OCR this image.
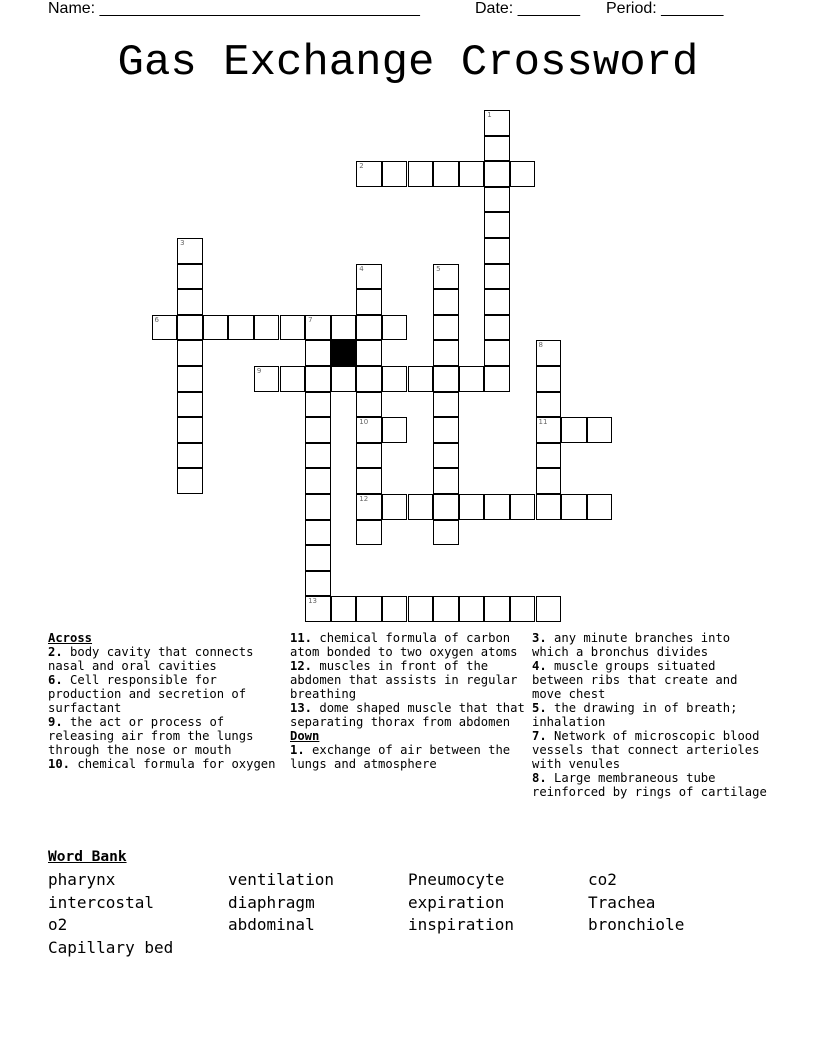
Name: ____________________________________	Date: _______ Period: _______
Gas Exchange Crossword
1
2
3
4
10
12
5
6	7
13
8
11
9
Across
2. body cavity that connects nasal and oral cavities
6. Cell responsible for production and secretion of surfactant
9. the act or process of releasing air from the lungs through the nose or mouth
10. chemical formula for oxygen
11. chemical formula of carbon atom bonded to two oxygen atoms
12. muscles in front of the abdomen that assists in regular breathing
13. dome shaped muscle that that separating thorax from abdomen
Down
1. exchange of air between the lungs and atmosphere
3. any minute branches into which a bronchus divides
4. muscle groups situated between ribs that create and move chest
5. the drawing in of breath; inhalation
7. Network of microscopic blood vessels that connect arterioles with venules
8. Large membraneous tube reinforced by rings of cartilage
Word Bank
pharynx	ventilation	Pneumocyte	co2
intercostal	diaphragm	expiration	Trachea
o2	abdominal	inspiration	bronchiole
Capillary bed
